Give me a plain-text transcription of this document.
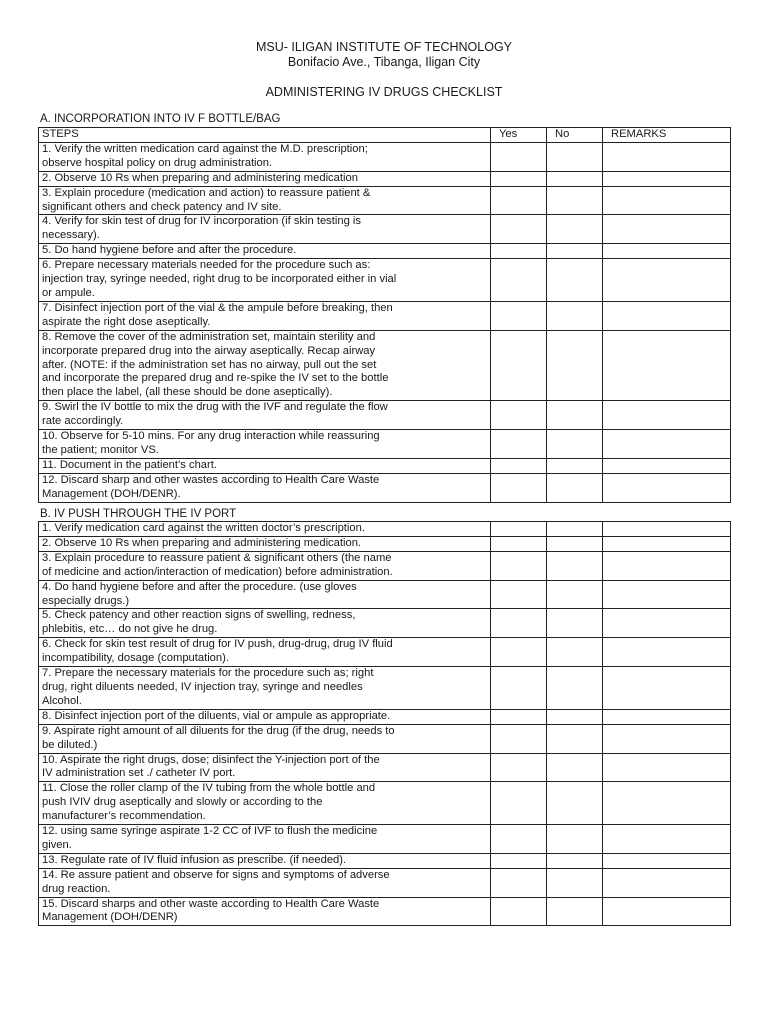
MSU- ILIGAN INSTITUTE OF TECHNOLOGY
Bonifacio Ave., Tibanga, Iligan City
ADMINISTERING IV DRUGS CHECKLIST
A. INCORPORATION INTO IV F BOTTLE/BAG
STEPS	Yes	No	REMARKS
1. Verify the written medication card against the M.D. prescription;
observe hospital policy on drug administration.			
2. Observe 10 Rs when preparing and administering medication			
3. Explain procedure (medication and action) to reassure patient &
significant others and check patency and IV site.			
4. Verify for skin test of drug for IV incorporation (if skin testing is
necessary).			
5. Do hand hygiene before and after the procedure.			
6. Prepare necessary materials needed for the procedure such as:
injection tray, syringe needed, right drug to be incorporated either in vial
or ampule.			
7. Disinfect injection port of the vial & the ampule before breaking, then
aspirate the right dose aseptically.			
8. Remove the cover of the administration set, maintain sterility and
incorporate prepared drug into the airway aseptically. Recap airway
after. (NOTE: if the administration set has no airway, pull out the set
and incorporate the prepared drug and re-spike the IV set to the bottle
then place the label, (all these should be done aseptically).			
9. Swirl the IV bottle to mix the drug with the IVF and regulate the flow
rate accordingly.			
10. Observe for 5-10 mins. For any drug interaction while reassuring
the patient; monitor VS.			
11. Document in the patient’s chart.			
12. Discard sharp and other wastes according to Health Care Waste
Management (DOH/DENR).			
B. IV PUSH THROUGH THE IV PORT
1. Verify medication card against the written doctor’s prescription.			
2. Observe 10 Rs when preparing and administering medication.			
3. Explain procedure to reassure patient & significant others (the name
of medicine and action/interaction of medication) before administration.			
4. Do hand hygiene before and after the procedure. (use gloves
especially drugs.)			
5. Check patency and other reaction signs of swelling, redness,
phlebitis, etc… do not give he drug.			
6. Check for skin test result of drug for IV push, drug-drug, drug IV fluid
incompatibility, dosage (computation).			
7. Prepare the necessary materials for the procedure such as; right
drug, right diluents needed, IV injection tray, syringe and needles
Alcohol.			
8. Disinfect injection port of the diluents, vial or ampule as appropriate.			
9. Aspirate right amount of all diluents for the drug (if the drug, needs to
be diluted.)			
10. Aspirate the right drugs, dose; disinfect the Y-injection port of the
IV administration set ./ catheter IV port.			
11. Close the roller clamp of the IV tubing from the whole bottle and
push IVIV drug aseptically and slowly or according to the
manufacturer’s recommendation.			
12. using same syringe aspirate 1-2 CC of IVF to flush the medicine
given.			
13. Regulate rate of IV fluid infusion as prescribe. (if needed).			
14. Re assure patient and observe for signs and symptoms of adverse
drug reaction.			
15. Discard sharps and other waste according to Health Care Waste
Management (DOH/DENR)			
